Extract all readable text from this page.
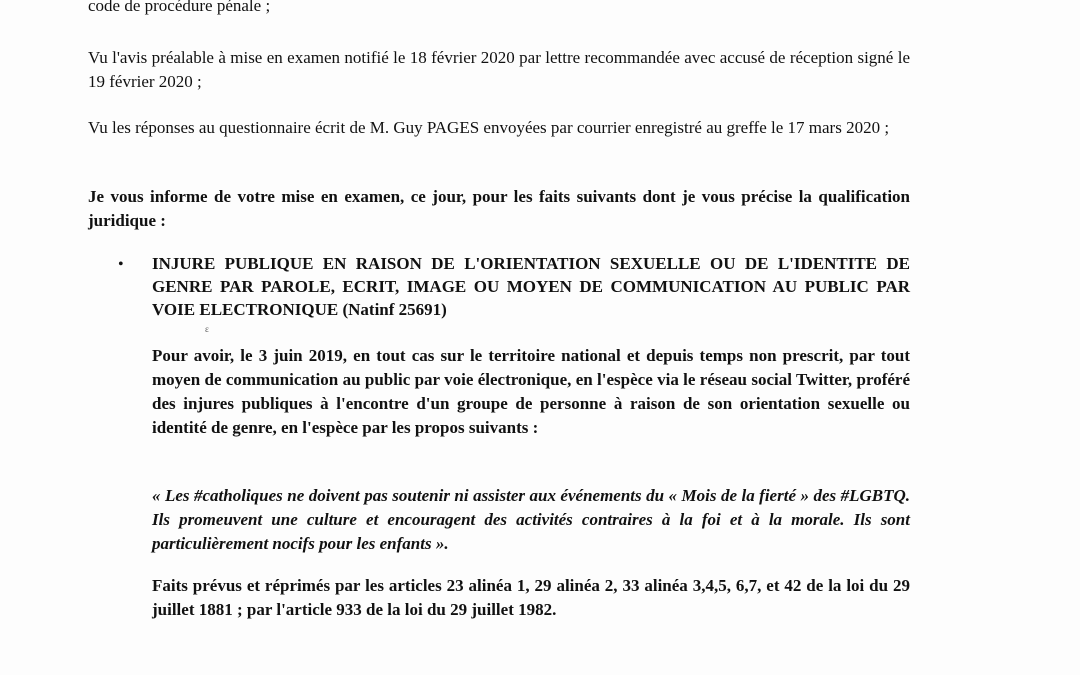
code de procédure pénale ;

Vu l'avis préalable à mise en examen notifié le 18 février 2020 par lettre recommandée avec accusé de réception signé le 19 février 2020 ;

Vu les réponses au questionnaire écrit de M. Guy PAGES envoyées par courrier enregistré au greffe le 17 mars 2020 ;

Je vous informe de votre mise en examen, ce jour, pour les faits suivants dont je vous précise la qualification juridique :

• INJURE PUBLIQUE EN RAISON DE L'ORIENTATION SEXUELLE OU DE L'IDENTITE DE GENRE PAR PAROLE, ECRIT, IMAGE OU MOYEN DE COMMUNICATION AU PUBLIC PAR VOIE ELECTRONIQUE (Natinf 25691)
ε
Pour avoir, le 3 juin 2019, en tout cas sur le territoire national et depuis temps non prescrit, par tout moyen de communication au public par voie électronique, en l'espèce via le réseau social Twitter, proféré des injures publiques à l'encontre d'un groupe de personne à raison de son orientation sexuelle ou identité de genre, en l'espèce par les propos suivants :
« Les #catholiques ne doivent pas soutenir ni assister aux événements du « Mois de la fierté » des #LGBTQ. Ils promeuvent une culture et encouragent des activités contraires à la foi et à la morale. Ils sont particulièrement nocifs pour les enfants ».
Faits prévus et réprimés par les articles 23 alinéa 1, 29 alinéa 2, 33 alinéa 3,4,5, 6,7, et 42 de la loi du 29 juillet 1881 ; par l'article 933 de la loi du 29 juillet 1982.
